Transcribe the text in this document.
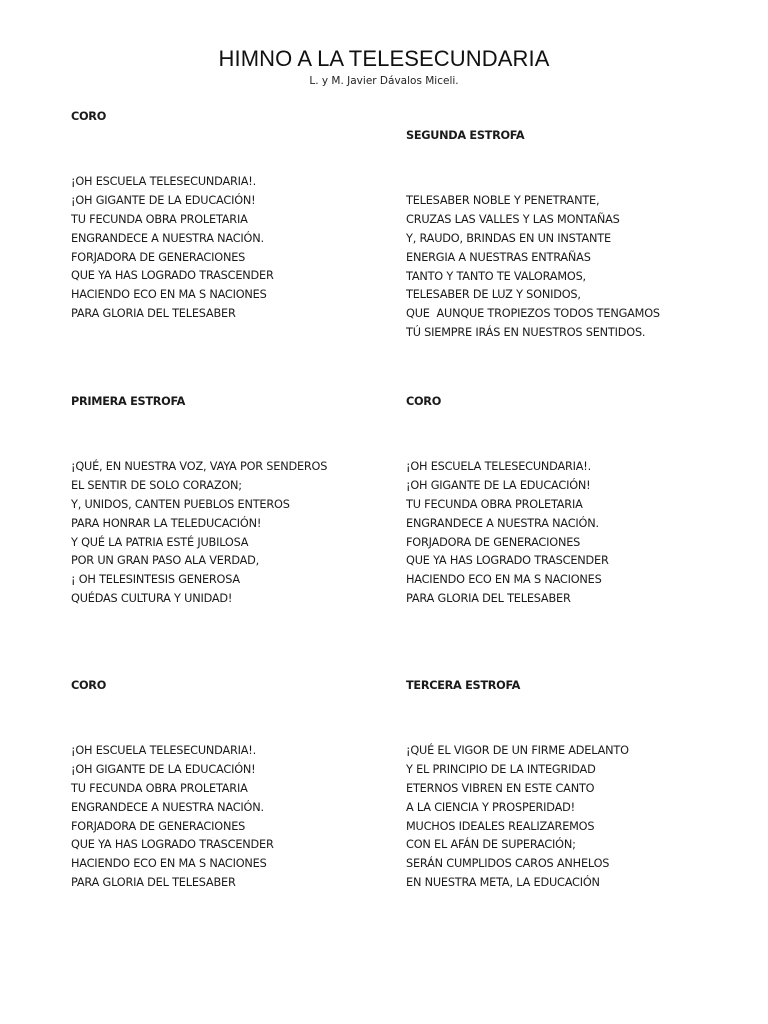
HIMNO A LA TELESECUNDARIA
L. y M. Javier Dávalos Miceli.
CORO
¡OH ESCUELA TELESECUNDARIA!.
¡OH GIGANTE DE LA EDUCACIÓN!
TU FECUNDA OBRA PROLETARIA
ENGRANDECE A NUESTRA NACIÓN.
FORJADORA DE GENERACIONES
QUE YA HAS LOGRADO TRASCENDER
HACIENDO ECO EN MA S NACIONES
PARA GLORIA DEL TELESABER
SEGUNDA ESTROFA
TELESABER NOBLE Y PENETRANTE,
CRUZAS LAS VALLES Y LAS MONTAÑAS
Y, RAUDO, BRINDAS EN UN INSTANTE
ENERGIA A NUESTRAS ENTRAÑAS
TANTO Y TANTO TE VALORAMOS,
TELESABER DE LUZ Y SONIDOS,
QUE  AUNQUE TROPIEZOS TODOS TENGAMOS
TÚ SIEMPRE IRÁS EN NUESTROS SENTIDOS.
PRIMERA ESTROFA
¡QUÉ, EN NUESTRA VOZ, VAYA POR SENDEROS
EL SENTIR DE SOLO CORAZON;
Y, UNIDOS, CANTEN PUEBLOS ENTEROS
PARA HONRAR LA TELEDUCACIÓN!
Y QUÉ LA PATRIA ESTÉ JUBILOSA
POR UN GRAN PASO ALA VERDAD,
¡ OH TELESINTESIS GENEROSA
QUÉDAS CULTURA Y UNIDAD!
CORO
¡OH ESCUELA TELESECUNDARIA!.
¡OH GIGANTE DE LA EDUCACIÓN!
TU FECUNDA OBRA PROLETARIA
ENGRANDECE A NUESTRA NACIÓN.
FORJADORA DE GENERACIONES
QUE YA HAS LOGRADO TRASCENDER
HACIENDO ECO EN MA S NACIONES
PARA GLORIA DEL TELESABER
CORO
¡OH ESCUELA TELESECUNDARIA!.
¡OH GIGANTE DE LA EDUCACIÓN!
TU FECUNDA OBRA PROLETARIA
ENGRANDECE A NUESTRA NACIÓN.
FORJADORA DE GENERACIONES
QUE YA HAS LOGRADO TRASCENDER
HACIENDO ECO EN MA S NACIONES
PARA GLORIA DEL TELESABER
TERCERA ESTROFA
¡QUÉ EL VIGOR DE UN FIRME ADELANTO
Y EL PRINCIPIO DE LA INTEGRIDAD
ETERNOS VIBREN EN ESTE CANTO
A LA CIENCIA Y PROSPERIDAD!
MUCHOS IDEALES REALIZAREMOS
CON EL AFÁN DE SUPERACIÓN;
SERÁN CUMPLIDOS CAROS ANHELOS
EN NUESTRA META, LA EDUCACIÓN
